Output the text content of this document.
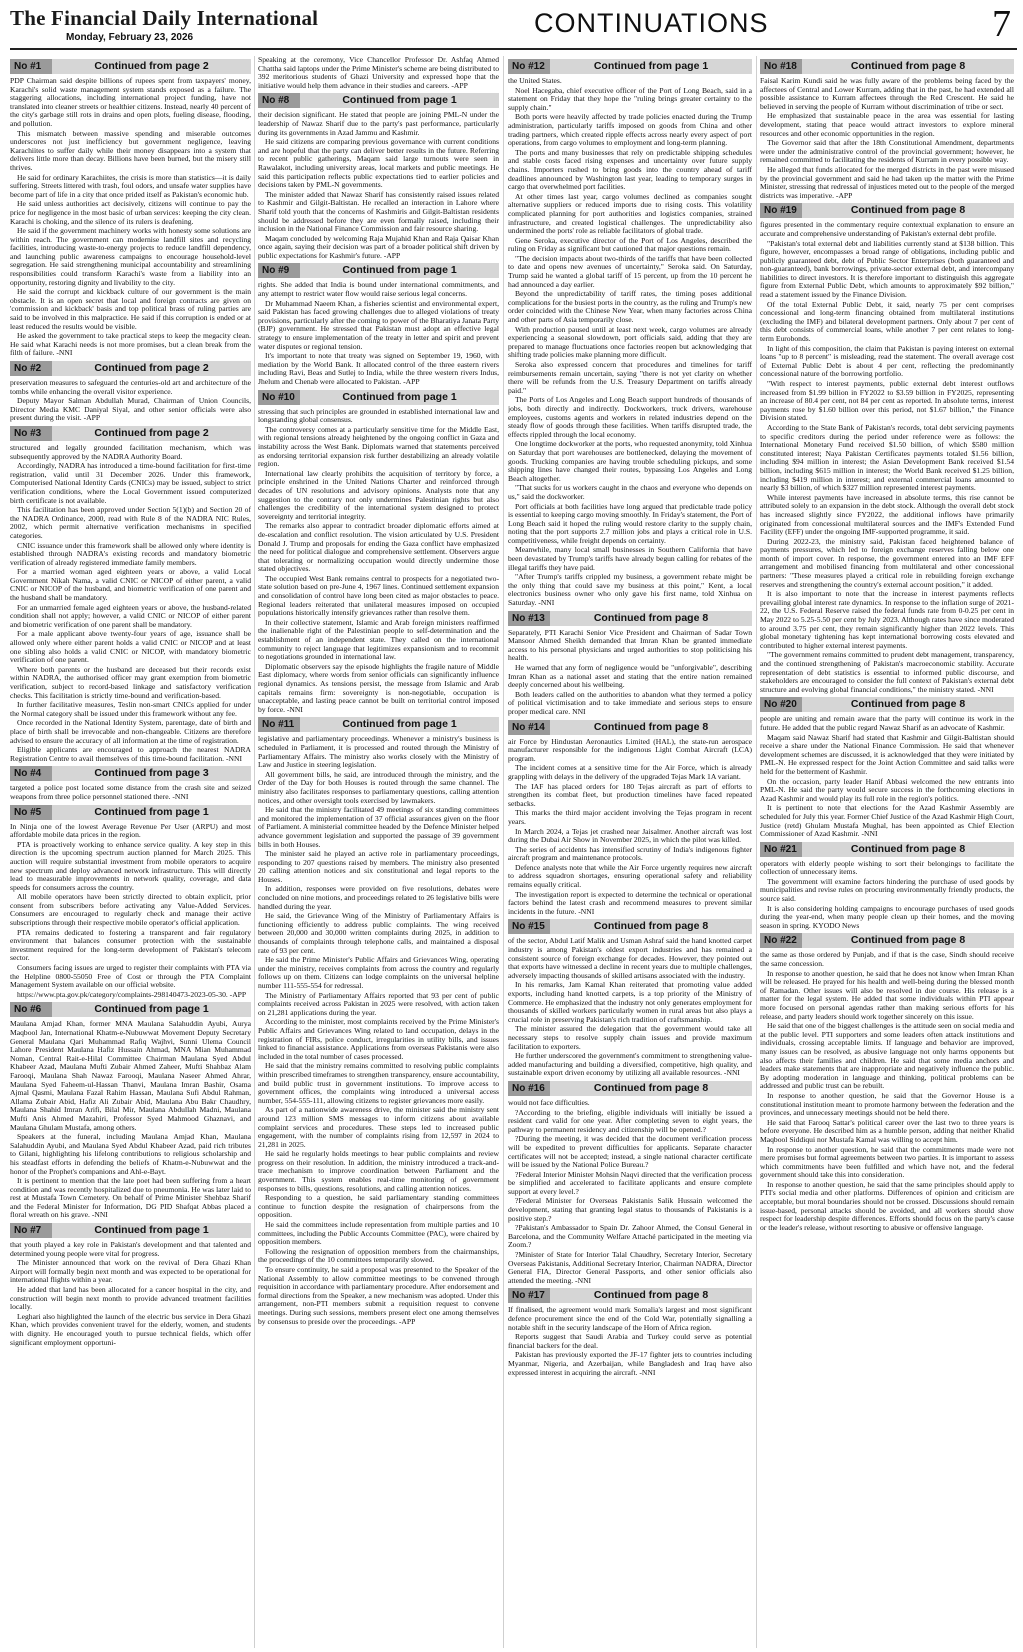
The Financial Daily International
Monday, February 23, 2026	CONTINUATIONS	7
No #1	Continued from page 2

PDP Chairman said despite billions of rupees spent from taxpayers' money, Karachi's solid waste management system stands exposed as a failure. The staggering allocations, including international project funding, have not translated into cleaner streets or healthier citizens. Instead, nearly 40 percent of the city's garbage still rots in drains and open plots, fueling disease, flooding, and pollution.

This mismatch between massive spending and miserable outcomes underscores not just inefficiency but government negligence, leaving Karachiites to suffer daily while their money disappears into a system that delivers little more than decay. Billions have been burned, but the misery still thrives.

He said for ordinary Karachiites, the crisis is more than statistics—it is daily suffering. Streets littered with trash, foul odors, and unsafe water supplies have become part of life in a city that once prided itself as Pakistan's economic hub.

He said unless authorities act decisively, citizens will continue to pay the price for negligence in the most basic of urban services: keeping the city clean. Karachi is choking, and the silence of its rulers is deafening.

He said if the government machinery works with honesty some solutions are within reach. The government can modernise landfill sites and recycling facilities, introducing waste-to-energy projects to reduce landfill dependency, and launching public awareness campaigns to encourage household-level segregation. He said strengthening municipal accountability and streamlining responsibilities could transform Karachi's waste from a liability into an opportunity, restoring dignity and livability to the city.

He said the corrupt and kickback culture of our government is the main obstacle. It is an open secret that local and foreign contracts are given on 'commission and kickback' basis and top political brass of ruling parties are said to be involved in this malpractice. He said if this corruption is ended or at least reduced the results would be visible.

He asked the government to take practical steps to keep the megacity clean. He said what Karachi needs is not more promises, but a clean break from the filth of failure. -NNI

No #2	Continued from page 2

preservation measures to safeguard the centuries-old art and architecture of the tombs while enhancing the overall visitor experience.

Deputy Mayor Salman Abdullah Murad, Chairman of Union Councils, Director Media KMC Daniyal Siyal, and other senior officials were also present during the visit. -APP

No #3	Continued from page 2

structured and legally grounded facilitation mechanism, which was subsequently approved by the NADRA Authority Board.

Accordingly, NADRA has introduced a time-bound facilitation for first-time registration, valid until 31 December 2026. Under this framework, Computerised National Identity Cards (CNICs) may be issued, subject to strict verification conditions, where the Local Government issued computerized birth certificate is not available.

This facilitation has been approved under Section 5(1)(b) and Section 20 of the NADRA Ordinance, 2000, read with Rule 8 of the NADRA NIC Rules, 2002, which permit alternative verification mechanisms in specified categories.

CNIC issuance under this framework shall be allowed only where identity is established through NADRA's existing records and mandatory biometric verification of already registered immediate family members.

For a married woman aged eighteen years or above, a valid Local Government Nikah Nama, a valid CNIC or NICOP of either parent, a valid CNIC or NICOP of the husband, and biometric verification of one parent and the husband shall be mandatory.

For an unmarried female aged eighteen years or above, the husband-related condition shall not apply; however, a valid CNIC or NICOP of either parent and biometric verification of one parent shall be mandatory.

For a male applicant above twenty-four years of age, issuance shall be allowed only where either parent holds a valid CNIC or NICOP and at least one sibling also holds a valid CNIC or NICOP, with mandatory biometric verification of one parent.

Where both parents or the husband are deceased but their records exist within NADRA, the authorised officer may grant exemption from biometric verification, subject to record-based linkage and satisfactory verification checks. This facilitation is strictly time-bound and verification-based.

In further facilitative measures, Teslin non-smart CNICs applied for under the Normal category shall be issued under this framework without any fee.

Once recorded in the National Identity System, parentage, date of birth and place of birth shall be irrevocable and non-changeable. Citizens are therefore advised to ensure the accuracy of all information at the time of registration.

Eligible applicants are encouraged to approach the nearest NADRA Registration Centre to avail themselves of this time-bound facilitation. -NNI

No #4	Continued from page 3

targeted a police post located some distance from the crash site and seized weapons from three police personnel stationed there. -NNI

No #5	Continued from page 1

In Ninja one of the lowest Average Revenue Per User (ARPU) and most affordable mobile data prices in the region.

PTA is proactively working to enhance service quality. A key step in this direction is the upcoming spectrum auction planned for March 2025. This auction will require substantial investment from mobile operators to acquire new spectrum and deploy advanced network infrastructure. This will directly lead to measurable improvements in network quality, coverage, and data speeds for consumers across the country.

All mobile operators have been strictly directed to obtain explicit, prior consent from subscribers before activating any Value-Added Services. Consumers are encouraged to regularly check and manage their active subscriptions through their respective mobile operator's official application.

PTA remains dedicated to fostering a transparent and fair regulatory environment that balances consumer protection with the sustainable investment required for the long-term development of Pakistan's telecom sector.

Consumers facing issues are urged to register their complaints with PTA via the Helpline 0800-55050 Free of Cost or through the PTA Complaint Management System available on our official website.

https://www.pta.gov.pk/category/complaints-298140473-2023-05-30. -APP

No #6	Continued from page 1

Maulana Amjad Khan, former MNA Maulana Salahuddin Ayubi, Aurya Maqbool Jan, International Khatm-e-Nubuwwat Movement Deputy Secretary General Maulana Qari Muhammad Rafiq Wajhvi, Sunni Ulema Council Lahore President Maulana Hafiz Hussain Ahmad, MNA Mian Muhammad Noman, Central Rait-e-Hilal Committee Chairman Maulana Syed Abdul Khabeer Azad, Maulana Mufti Zubair Ahmed Zaheer, Mufti Shahbaz Alam Farooqi, Maulana Shah Nawaz Farooqi, Maulana Naseer Ahmed Ahrar, Maulana Syed Faheem-ul-Hassan Thanvi, Maulana Imran Bashir, Osama Ajmal Qasmi, Maulana Fazal Rahim Hassan, Maulana Sufi Abdul Rahman, Allama Zubair Abid, Hafiz Ali Zubair Abid, Maulana Abu Bakr Chaudhry, Maulana Shahid Imran Arifi, Bilal Mir, Maulana Abdullah Madni, Maulana Mufti Anis Ahmed Mazahiri, Professor Syed Mahmood Ghaznavi, and Maulana Ghulam Mustafa, among others.

Speakers at the funeral, including Maulana Amjad Khan, Maulana Salahuddin Ayubi, and Maulana Syed Abdul Khabeer Azad, paid rich tributes to Gilani, highlighting his lifelong contributions to religious scholarship and his steadfast efforts in defending the beliefs of Khatm-e-Nubuwwat and the honor of the Prophet's companions and Ahl-e-Bayt.

It is pertinent to mention that the late poet had been suffering from a heart condition and was recently hospitalized due to pneumonia. He was later laid to rest at Mustafa Town Cemetery. On behalf of Prime Minister Shehbaz Sharif and the Federal Minister for Information, DG PID Shafqat Abbas placed a floral wreath on his grave. -NNI

No #7	Continued from page 1

that youth played a key role in Pakistan's development and that talented and determined young people were vital for progress.

The Minister announced that work on the revival of Dera Ghazi Khan Airport will formally begin next month and was expected to be operational for international flights within a year.

He added that land has been allocated for a cancer hospital in the city, and construction will begin next month to provide advanced treatment facilities locally.

Leghari also highlighted the launch of the electric bus service in Dera Ghazi Khan, which provides convenient travel for the elderly, women, and students with dignity. He encouraged youth to pursue technical fields, which offer significant employment opportuni-

Speaking at the ceremony, Vice Chancellor Professor Dr. Ashfaq Ahmed Chattha said laptops under the Prime Minister's scheme are being distributed to 392 meritorious students of Ghazi University and expressed hope that the initiative would help them advance in their studies and careers. -APP

No #8	Continued from page 1

their decision significant. He stated that people are joining PML-N under the leadership of Nawaz Sharif due to the party's past performance, particularly during its governments in Azad Jammu and Kashmir.

He said citizens are comparing previous governance with current conditions and are hopeful that the party can deliver better results in the future. Referring to recent public gatherings, Maqam said large turnouts were seen in Rawalakot, including university areas, local markets and public meetings. He said this participation reflects public expectations tied to earlier policies and decisions taken by PML-N governments.

The minister added that Nawaz Sharif has consistently raised issues related to Kashmir and Gilgit-Baltistan. He recalled an interaction in Lahore where Sharif told youth that the concerns of Kashmiris and Gilgit-Baltistan residents should be addressed before they are even formally raised, including their inclusion in the National Finance Commission and fair resource sharing.

Maqam concluded by welcoming Raja Mujahid Khan and Raja Qaisar Khan once again, saying their decision was part of a broader political shift driven by public expectations for Kashmir's future. -APP

No #9	Continued from page 1

rights. She added that India is bound under international commitments, and any attempt to restrict water flow would raise serious legal concerns.

Dr Muhammad Naeem Khan, a fisheries scientist and environmental expert, said Pakistan has faced growing challenges due to alleged violations of treaty provisions, particularly after the coming to power of the Bharatiya Janata Party (BJP) government. He stressed that Pakistan must adopt an effective legal strategy to ensure implementation of the treaty in letter and spirit and prevent water disputes or regional tension.

It's important to note that treaty was signed on September 19, 1960, with mediation by the World Bank. It allocated control of the three eastern rivers including Ravi, Beas and Sutlej to India, while the three western rivers Indus, Jhelum and Chenab were allocated to Pakistan. -APP

No #10	Continued from page 1

stressing that such principles are grounded in established international law and longstanding global consensus.

The controversy comes at a particularly sensitive time for the Middle East, with regional tensions already heightened by the ongoing conflict in Gaza and instability across the West Bank. Diplomats warned that statements perceived as endorsing territorial expansion risk further destabilizing an already volatile region.

International law clearly prohibits the acquisition of territory by force, a principle enshrined in the United Nations Charter and reinforced through decades of UN resolutions and advisory opinions. Analysts note that any suggestion to the contrary not only undermines Palestinian rights but also challenges the credibility of the international system designed to protect sovereignty and territorial integrity.

The remarks also appear to contradict broader diplomatic efforts aimed at de-escalation and conflict resolution. The vision articulated by U.S. President Donald J. Trump and proposals for ending the Gaza conflict have emphasized the need for political dialogue and comprehensive settlement. Observers argue that tolerating or normalizing occupation would directly undermine those stated objectives.

The occupied West Bank remains central to prospects for a negotiated two-state solution based on pre-June 4, 1967 lines. Continued settlement expansion and consolidation of control have long been cited as major obstacles to peace. Regional leaders reiterated that unilateral measures imposed on occupied populations historically intensify grievances rather than resolve them.

In their collective statement, Islamic and Arab foreign ministers reaffirmed the inalienable right of the Palestinian people to self-determination and the establishment of an independent state. They called on the international community to reject language that legitimizes expansionism and to recommit to negotiations grounded in international law.

Diplomatic observers say the episode highlights the fragile nature of Middle East diplomacy, where words from senior officials can significantly influence regional dynamics. As tensions persist, the message from Islamic and Arab capitals remains firm: sovereignty is non-negotiable, occupation is unacceptable, and lasting peace cannot be built on territorial control imposed by force. -NNI

No #11	Continued from page 1

legislative and parliamentary proceedings. Whenever a ministry's business is scheduled in Parliament, it is processed and routed through the Ministry of Parliamentary Affairs. The ministry also works closely with the Ministry of Law and Justice in steering legislation.

All government bills, he said, are introduced through the ministry, and the Order of the Day for both Houses is routed through the same channel. The ministry also facilitates responses to parliamentary questions, calling attention notices, and other oversight tools exercised by lawmakers.

He said that the ministry facilitated 49 meetings of six standing committees and monitored the implementation of 37 official assurances given on the floor of Parliament. A ministerial committee headed by the Defence Minister helped advance government legislation and supported the passage of 39 government bills in both Houses.

The minister said he played an active role in parliamentary proceedings, responding to 207 questions raised by members. The ministry also presented 20 calling attention notices and six constitutional and legal reports to the Houses.

In addition, responses were provided on five resolutions, debates were concluded on nine motions, and proceedings related to 26 legislative bills were handled during the year.

He said, the Grievance Wing of the Ministry of Parliamentary Affairs is functioning efficiently to address public complaints. The wing received between 20,000 and 30,000 written complaints during 2025, in addition to thousands of complaints through telephone calls, and maintained a disposal rate of 93 per cent.

He said the Prime Minister's Public Affairs and Grievances Wing, operating under the ministry, receives complaints from across the country and regularly follows up on them. Citizens can lodge complaints on the universal helpline number 111-555-554 for redressal.

The Ministry of Parliamentary Affairs reported that 93 per cent of public complaints received across Pakistan in 2025 were resolved, with action taken on 21,281 applications during the year.

According to the minister, most complaints received by the Prime Minister's Public Affairs and Grievances Wing related to land occupation, delays in the registration of FIRs, police conduct, irregularities in utility bills, and issues linked to financial assistance. Applications from overseas Pakistanis were also included in the total number of cases processed.

He said that the ministry remains committed to resolving public complaints within prescribed timeframes to strengthen transparency, ensure accountability, and build public trust in government institutions. To improve access to government offices, the complaints wing introduced a universal access number, 554-555-111, allowing citizens to register grievances more easily.

As part of a nationwide awareness drive, the minister said the ministry sent around 123 million SMS messages to inform citizens about available complaint services and procedures. These steps led to increased public engagement, with the number of complaints rising from 12,597 in 2024 to 21,281 in 2025.

He said he regularly holds meetings to hear public complaints and review progress on their resolution. In addition, the ministry introduced a track-and-trace mechanism to improve coordination between Parliament and the government. This system enables real-time monitoring of government responses to bills, questions, resolutions, and calling attention notices.

Responding to a question, he said parliamentary standing committees continue to function despite the resignation of chairpersons from the opposition.

He said the committees include representation from multiple parties and 10 committees, including the Public Accounts Committee (PAC), were chaired by opposition members.

Following the resignation of opposition members from the chairmanships, the proceedings of the 10 committees temporarily slowed.

To ensure continuity, he said a proposal was presented to the Speaker of the National Assembly to allow committee meetings to be convened through requisition in accordance with parliamentary procedure. After endorsement and formal directions from the Speaker, a new mechanism was adopted. Under this arrangement, non-PTI members submit a requisition request to convene meetings. During such sessions, members present elect one among themselves by consensus to preside over the proceedings. -APP

No #12	Continued from page 1

the United States.

Noel Hacegaba, chief executive officer of the Port of Long Beach, said in a statement on Friday that they hope the "ruling brings greater certainty to the supply chain."

Both ports were heavily affected by trade policies enacted during the Trump administration, particularly tariffs imposed on goods from China and other trading partners, which created ripple effects across nearly every aspect of port operations, from cargo volumes to employment and long-term planning.

The ports and many businesses that rely on predictable shipping schedules and stable costs faced rising expenses and uncertainty over future supply chains. Importers rushed to bring goods into the country ahead of tariff deadlines announced by Washington last year, leading to temporary surges in cargo that overwhelmed port facilities.

At other times last year, cargo volumes declined as companies sought alternative suppliers or reduced imports due to rising costs. This volatility complicated planning for port authorities and logistics companies, strained infrastructure, and created logistical challenges. The unpredictability also undermined the ports' role as reliable facilitators of global trade.

Gene Seroka, executive director of the Port of Los Angeles, described the ruling on Friday as significant but cautioned that major questions remain.

"The decision impacts about two-thirds of the tariffs that have been collected to date and opens new avenues of uncertainty," Seroka said. On Saturday, Trump said he wanted a global tariff of 15 percent, up from the 10 percent he had announced a day earlier.

Beyond the unpredictability of tariff rates, the timing poses additional complications for the busiest ports in the country, as the ruling and Trump's new order coincided with the Chinese New Year, when many factories across China and other parts of Asia temporarily close.

With production paused until at least next week, cargo volumes are already experiencing a seasonal slowdown, port officials said, adding that they are prepared to manage fluctuations once factories reopen but acknowledging that shifting trade policies make planning more difficult.

Seroka also expressed concern that procedures and timelines for tariff reimbursements remain uncertain, saying "there is not yet clarity on whether there will be refunds from the U.S. Treasury Department on tariffs already paid."

The Ports of Los Angeles and Long Beach support hundreds of thousands of jobs, both directly and indirectly. Dockworkers, truck drivers, warehouse employees, customs agents and workers in related industries depend on the steady flow of goods through these facilities. When tariffs disrupted trade, the effects rippled through the local economy.

One longtime dockworker at the ports, who requested anonymity, told Xinhua on Saturday that port warehouses are bottlenecked, delaying the movement of goods. Trucking companies are having trouble scheduling pickups, and some shipping lines have changed their routes, bypassing Los Angeles and Long Beach altogether.

"That sucks for us workers caught in the chaos and everyone who depends on us," said the dockworker.

Port officials at both facilities have long argued that predictable trade policy is essential to keeping cargo moving smoothly. In Friday's statement, the Port of Long Beach said it hoped the ruling would restore clarity to the supply chain, noting that the port supports 2.7 million jobs and plays a critical role in U.S. competitiveness, while freight depends on certainty.

Meanwhile, many local small businesses in Southern California that have been devastated by Trump's tariffs have already begun calling for rebates of the illegal tariffs they have paid.

"After Trump's tariffs crippled my business, a government rebate might be the only thing that could save my business at this point," Kent, a local electronics business owner who only gave his first name, told Xinhua on Saturday. -NNI

No #13	Continued from page 8

Separately, PTI Karachi Senior Vice President and Chairman of Sadar Town Mansoor Ahmed Sheikh demanded that Imran Khan be granted immediate access to his personal physicians and urged authorities to stop politicising his health.

He warned that any form of negligence would be "unforgivable", describing Imran Khan as a national asset and stating that the entire nation remained deeply concerned about his wellbeing.

Both leaders called on the authorities to abandon what they termed a policy of political victimisation and to take immediate and serious steps to ensure proper medical care. NNI

No #14	Continued from page 8

air Force by Hindustan Aeronautics Limited (HAL), the state-run aerospace manufacturer responsible for the indigenous Light Combat Aircraft (LCA) program.

The incident comes at a sensitive time for the Air Force, which is already grappling with delays in the delivery of the upgraded Tejas Mark 1A variant.

The IAF has placed orders for 180 Tejas aircraft as part of efforts to strengthen its combat fleet, but production timelines have faced repeated setbacks.

This marks the third major accident involving the Tejas program in recent years.

In March 2024, a Tejas jet crashed near Jaisalmer. Another aircraft was lost during the Dubai Air Show in November 2025, in which the pilot was killed.

The series of accidents has intensified scrutiny of India's indigenous fighter aircraft program and maintenance protocols.

Defence analysts note that while the Air Force urgently requires new aircraft to address squadron shortages, ensuring operational safety and reliability remains equally critical.

The investigation report is expected to determine the technical or operational factors behind the latest crash and recommend measures to prevent similar incidents in the future. -NNI

No #15	Continued from page 8

of the sector, Abdul Latif Malik and Usman Ashraf said the hand knotted carpet industry is among Pakistan's oldest export industries and has remained a consistent source of foreign exchange for decades. However, they pointed out that exports have witnessed a decline in recent years due to multiple challenges, adversely impacting thousands of skilled artisans associated with the industry.

In his remarks, Jam Kamal Khan reiterated that promoting value added exports, including hand knotted carpets, is a top priority of the Ministry of Commerce. He emphasized that the industry not only generates employment for thousands of skilled workers particularly women in rural areas but also plays a crucial role in preserving Pakistan's rich tradition of craftsmanship.

The minister assured the delegation that the government would take all necessary steps to resolve supply chain issues and provide maximum facilitation to exporters.

He further underscored the government's commitment to strengthening value-added manufacturing and building a diversified, competitive, high quality, and sustainable export driven economy by utilizing all available resources. -NNI

No #16	Continued from page 8

would not face difficulties.

?According to the briefing, eligible individuals will initially be issued a resident card valid for one year. After completing seven to eight years, the pathway to permanent residency and citizenship will be opened.?

?During the meeting, it was decided that the document verification process will be expedited to prevent difficulties for applicants. Separate character certificates will not be accepted; instead, a single national character certificate will be issued by the National Police Bureau.?

?Federal Interior Minister Mohsin Naqvi directed that the verification process be simplified and accelerated to facilitate applicants and ensure complete support at every level.?

?Federal Minister for Overseas Pakistanis Salik Hussain welcomed the development, stating that granting legal status to thousands of Pakistanis is a positive step.?

?Pakistan's Ambassador to Spain Dr. Zahoor Ahmed, the Consul General in Barcelona, and the Community Welfare Attaché participated in the meeting via Zoom.?

?Minister of State for Interior Talal Chaudhry, Secretary Interior, Secretary Overseas Pakistanis, Additional Secretary Interior, Chairman NADRA, Director General FIA, Director General Passports, and other senior officials also attended the meeting. -NNI

No #17	Continued from page 8

If finalised, the agreement would mark Somalia's largest and most significant defence procurement since the end of the Cold War, potentially signalling a notable shift in the security landscape of the Horn of Africa region.

Reports suggest that Saudi Arabia and Turkey could serve as potential financial backers for the deal.

Pakistan has previously exported the JF-17 fighter jets to countries including Myanmar, Nigeria, and Azerbaijan, while Bangladesh and Iraq have also expressed interest in acquiring the aircraft. -NNI

No #18	Continued from page 8

Faisal Karim Kundi said he was fully aware of the problems being faced by the affectees of Central and Lower Kurram, adding that in the past, he had extended all possible assistance to Kurram affectees through the Red Crescent. He said he believed in serving the people of Kurram without discrimination of tribe or sect.

He emphasized that sustainable peace in the area was essential for lasting development, stating that peace would attract investors to explore mineral resources and other economic opportunities in the region.

The Governor said that after the 18th Constitutional Amendment, departments were under the administrative control of the provincial government; however, he remained committed to facilitating the residents of Kurram in every possible way.

He alleged that funds allocated for the merged districts in the past were misused by the provincial government and said he had taken up the matter with the Prime Minister, stressing that redressal of injustices meted out to the people of the merged districts was imperative. -APP

No #19	Continued from page 8

figures presented in the commentary require contextual explanation to ensure an accurate and comprehensive understanding of Pakistan's external debt profile.

"Pakistan's total external debt and liabilities currently stand at $138 billion. This figure, however, encompasses a broad range of obligations, including public and publicly guaranteed debt, debt of Public Sector Enterprises (both guaranteed and non-guaranteed), bank borrowings, private-sector external debt, and intercompany liabilities to direct investors. It is therefore important to distinguish this aggregate figure from External Public Debt, which amounts to approximately $92 billion," read a statement issued by the Finance Division.

Of the total External Public Debt, it said, nearly 75 per cent comprises concessional and long-term financing obtained from multilateral institutions (excluding the IMF) and bilateral development partners. Only about 7 per cent of this debt consists of commercial loans, while another 7 per cent relates to long-term Eurobonds.

In light of this composition, the claim that Pakistan is paying interest on external loans "up to 8 percent" is misleading, read the statement. The overall average cost of External Public Debt is about 4 per cent, reflecting the predominantly concessional nature of the borrowing portfolio.

"With respect to interest payments, public external debt interest outflows increased from $1.99 billion in FY2022 to $3.59 billion in FY2025, representing an increase of 80.4 per cent, not 84 per cent as reported. In absolute terms, interest payments rose by $1.60 billion over this period, not $1.67 billion," the Finance Division stated.

According to the State Bank of Pakistan's records, total debt servicing payments to specific creditors during the period under reference were as follows: the International Monetary Fund received $1.50 billion, of which $580 million constituted interest; Naya Pakistan Certificates payments totaled $1.56 billion, including $94 million in interest; the Asian Development Bank received $1.54 billion, including $615 million in interest; the World Bank received $1.25 billion, including $419 million in interest; and external commercial loans amounted to nearly $3 billion, of which $327 million represented interest payments.

While interest payments have increased in absolute terms, this rise cannot be attributed solely to an expansion in the debt stock. Although the overall debt stock has increased slightly since FY2022, the additional inflows have primarily originated from concessional multilateral sources and the IMF's Extended Fund Facility (EFF) under the ongoing IMF-supported programme, it said.

During 2022-23, the ministry said, Pakistan faced heightened balance of payments pressures, which led to foreign exchange reserves falling below one month of import cover. In response, the government entered into an IMF EFF arrangement and mobilised financing from multilateral and other concessional partners: "These measures played a critical role in rebuilding foreign exchange reserves and strengthening the country's external account position," it added.

It is also important to note that the increase in interest payments reflects prevailing global interest rate dynamics. In response to the inflation surge of 2021-22, the U.S. Federal Reserve raised the federal funds rate from 0-0.25 per cent in May 2022 to 5.25-5.50 per cent by July 2023. Although rates have since moderated to around 3.75 per cent, they remain significantly higher than 2022 levels. This global monetary tightening has kept international borrowing costs elevated and contributed to higher external interest payments.

"The government remains committed to prudent debt management, transparency, and the continued strengthening of Pakistan's macroeconomic stability. Accurate representation of debt statistics is essential to informed public discourse, and stakeholders are encouraged to consider the full context of Pakistan's external debt structure and evolving global financial conditions," the ministry stated. -NNI

No #20	Continued from page 8

people are uniting and remain aware that the party will continue its work in the future. He added that the public regard Nawaz Sharif as an advocate of Kashmir.

Maqam said Nawaz Sharif had stated that Kashmir and Gilgit-Baltistan should receive a share under the National Finance Commission. He said that whenever development schemes are discussed, it is acknowledged that they were initiated by PML-N. He expressed respect for the Joint Action Committee and said talks were held for the betterment of Kashmir.

On the occasion, party leader Hanif Abbasi welcomed the new entrants into PML-N. He said the party would secure success in the forthcoming elections in Azad Kashmir and would play its full role in the region's politics.

It is pertinent to note that elections for the Azad Kashmir Assembly are scheduled for July this year. Former Chief Justice of the Azad Kashmir High Court, Justice (retd) Ghulam Mustafa Mughal, has been appointed as Chief Election Commissioner of Azad Kashmir. -NNI

No #21	Continued from page 8

operators with elderly people wishing to sort their belongings to facilitate the collection of unnecessary items.

The government will examine factors hindering the purchase of used goods by municipalities and revise rules on procuring environmentally friendly products, the source said.

It is also considering holding campaigns to encourage purchases of used goods during the year-end, when many people clean up their homes, and the moving season in spring. KYODO News

No #22	Continued from page 8

the same as those ordered by Punjab, and if that is the case, Sindh should receive the same concession.

In response to another question, he said that he does not know when Imran Khan will be released. He prayed for his health and well-being during the blessed month of Ramadan. Other issues will also be resolved in due course. His release is a matter for the legal system. He added that some individuals within PTI appear more focused on personal agendas rather than making serious efforts for his release, and party leaders should work together sincerely on this issue.

He said that one of the biggest challenges is the attitude seen on social media and at the public level. PTI supporters and some leaders often attack institutions and individuals, crossing acceptable limits. If language and behavior are improved, many issues can be resolved, as abusive language not only harms opponents but also affects their families and children. He said that some media anchors and leaders make statements that are inappropriate and negatively influence the public. By adopting moderation in language and thinking, political problems can be addressed and public trust can be rebuilt.

In response to another question, he said that the Governor House is a constitutional institution meant to promote harmony between the federation and the provinces, and unnecessary meetings should not be held there.

He said that Farooq Sattar's political career over the last two to three years is before everyone. He described him as a humble person, adding that neither Khalid Maqbool Siddiqui nor Mustafa Kamal was willing to accept him.

In response to another question, he said that the commitments made were not mere promises but formal agreements between two parties. It is important to assess which commitments have been fulfilled and which have not, and the federal government should take this into consideration.

In response to another question, he said that the same principles should apply to PTI's social media and other platforms. Differences of opinion and criticism are acceptable, but moral boundaries should not be crossed. Discussions should remain issue-based, personal attacks should be avoided, and all workers should show respect for leadership despite differences. Efforts should focus on the party's cause or the leader's release, without resorting to abusive or offensive language.
